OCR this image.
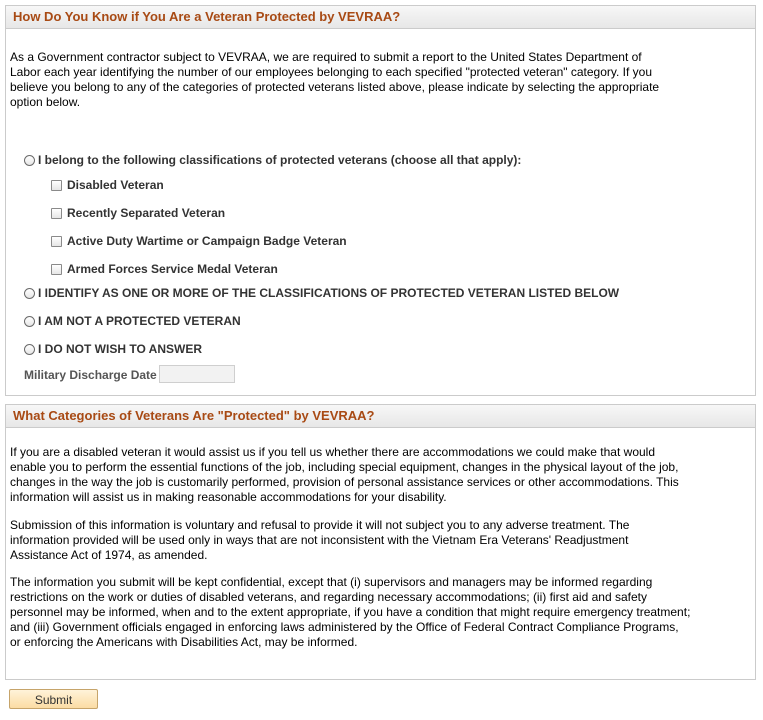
How Do You Know if You Are a Veteran Protected by VEVRAA?
As a Government contractor subject to VEVRAA, we are required to submit a report to the United States Department of
Labor each year identifying the number of our employees belonging to each specified "protected veteran" category. If you
believe you belong to any of the categories of protected veterans listed above, please indicate by selecting the appropriate
option below.
I belong to the following classifications of protected veterans (choose all that apply):
Disabled Veteran
Recently Separated Veteran
Active Duty Wartime or Campaign Badge Veteran
Armed Forces Service Medal Veteran
I IDENTIFY AS ONE OR MORE OF THE CLASSIFICATIONS OF PROTECTED VETERAN LISTED BELOW
I AM NOT A PROTECTED VETERAN
I DO NOT WISH TO ANSWER
Military Discharge Date
What Categories of Veterans Are "Protected" by VEVRAA?
If you are a disabled veteran it would assist us if you tell us whether there are accommodations we could make that would
enable you to perform the essential functions of the job, including special equipment, changes in the physical layout of the job,
changes in the way the job is customarily performed, provision of personal assistance services or other accommodations. This
information will assist us in making reasonable accommodations for your disability.
Submission of this information is voluntary and refusal to provide it will not subject you to any adverse treatment. The
information provided will be used only in ways that are not inconsistent with the Vietnam Era Veterans' Readjustment
Assistance Act of 1974, as amended.
The information you submit will be kept confidential, except that (i) supervisors and managers may be informed regarding
restrictions on the work or duties of disabled veterans, and regarding necessary accommodations; (ii) first aid and safety
personnel may be informed, when and to the extent appropriate, if you have a condition that might require emergency treatment;
and (iii) Government officials engaged in enforcing laws administered by the Office of Federal Contract Compliance Programs,
or enforcing the Americans with Disabilities Act, may be informed.
Submit
